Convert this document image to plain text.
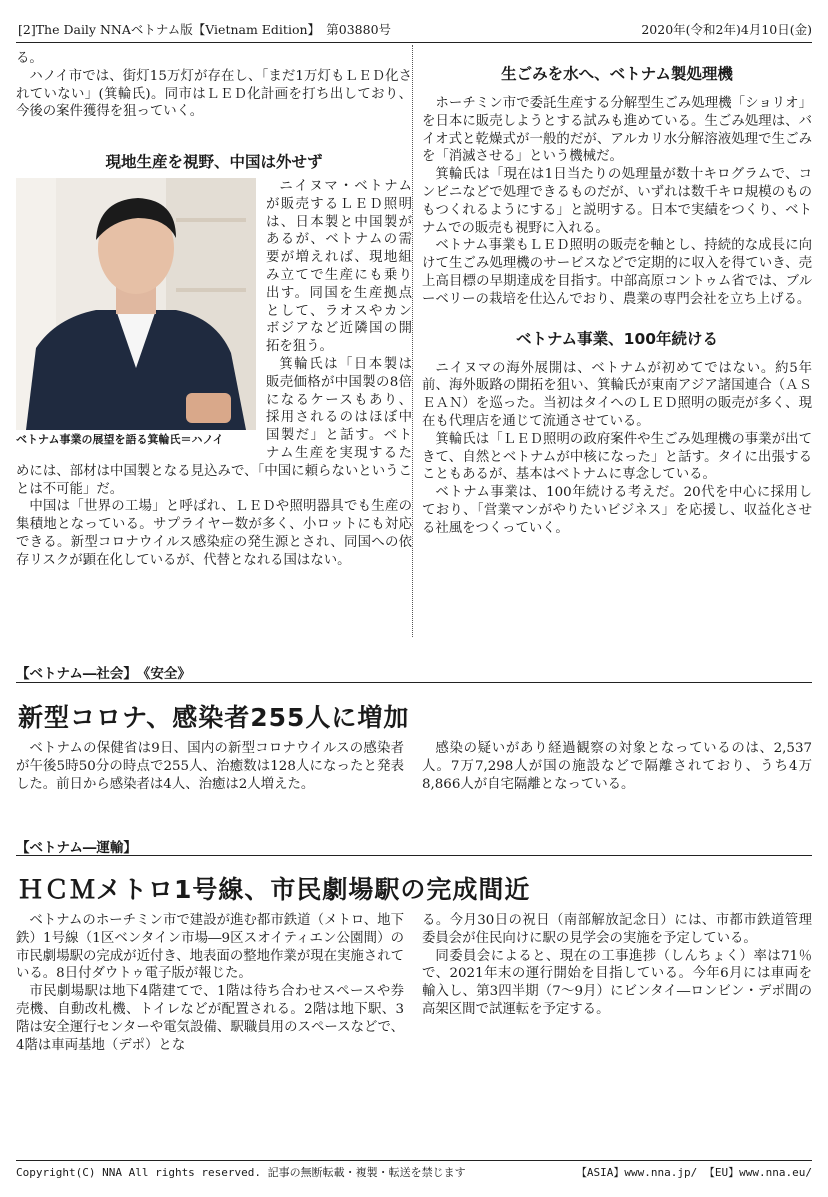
[2]The Daily NNAベトナム版【Vietnam Edition】　第03880号	2020年(令和2年)4月10日(金)

る。

ハノイ市では、街灯15万灯が存在し、「まだ1万灯もＬＥＤ化されていない」(箕輪氏)。同市はＬＥＤ化計画を打ち出しており、今後の案件獲得を狙っていく。

現地生産を視野、中国は外せず
ベトナム事業の展望を語る箕輪氏＝ハノイ

ニイヌマ・ベトナムが販売するＬＥＤ照明は、日本製と中国製があるが、ベトナムの需要が増えれば、現地組み立てで生産にも乗り出す。同国を生産拠点として、ラオスやカンボジアなど近隣国の開拓を狙う。

箕輪氏は「日本製は販売価格が中国製の8倍になるケースもあり、採用されるのはほぼ中国製だ」と話す。ベトナム生産を実現するためには、部材は中国製となる見込みで、「中国に頼らないということは不可能」だ。

中国は「世界の工場」と呼ばれ、ＬＥＤや照明器具でも生産の集積地となっている。サプライヤー数が多く、小ロットにも対応できる。新型コロナウイルス感染症の発生源とされ、同国への依存リスクが顕在化しているが、代替となれる国はない。

生ごみを水へ、ベトナム製処理機

ホーチミン市で委託生産する分解型生ごみ処理機「ショリオ」を日本に販売しようとする試みも進めている。生ごみ処理は、バイオ式と乾燥式が一般的だが、アルカリ水分解溶液処理で生ごみを「消滅させる」という機械だ。

箕輪氏は「現在は1日当たりの処理量が数十キログラムで、コンビニなどで処理できるものだが、いずれは数千キロ規模のものもつくれるようにする」と説明する。日本で実績をつくり、ベトナムでの販売も視野に入れる。

ベトナム事業もＬＥＤ照明の販売を軸とし、持続的な成長に向けて生ごみ処理機のサービスなどで定期的に収入を得ていき、売上高目標の早期達成を目指す。中部高原コントゥム省では、ブルーベリーの栽培を仕込んでおり、農業の専門会社を立ち上げる。

ベトナム事業、100年続ける

ニイヌマの海外展開は、ベトナムが初めてではない。約5年前、海外販路の開拓を狙い、箕輪氏が東南アジア諸国連合（ＡＳＥＡＮ）を巡った。当初はタイへのＬＥＤ照明の販売が多く、現在も代理店を通じて流通させている。

箕輪氏は「ＬＥＤ照明の政府案件や生ごみ処理機の事業が出てきて、自然とベトナムが中核になった」と話す。タイに出張することもあるが、基本はベトナムに専念している。

ベトナム事業は、100年続ける考えだ。20代を中心に採用しており、「営業マンがやりたいビジネス」を応援し、収益化させる社風をつくっていく。

【ベトナム―社会】　《安全》
新型コロナ、感染者255人に増加

ベトナムの保健省は9日、国内の新型コロナウイルスの感染者が午後5時50分の時点で255人、治癒数は128人になったと発表した。前日から感染者は4人、治癒は2人増えた。

感染の疑いがあり経過観察の対象となっているのは、2,537人。7万7,298人が国の施設などで隔離されており、うち4万8,866人が自宅隔離となっている。

【ベトナム―運輸】
ＨＣＭメトロ1号線、市民劇場駅の完成間近

ベトナムのホーチミン市で建設が進む都市鉄道（メトロ、地下鉄）1号線（1区ベンタイン市場―9区スオイティエン公園間）の市民劇場駅の完成が近付き、地表面の整地作業が現在実施されている。8日付ダウトゥ電子版が報じた。

市民劇場駅は地下4階建てで、1階は待ち合わせスペースや券売機、自動改札機、トイレなどが配置される。2階は地下駅、3階は安全運行センターや電気設備、駅職員用のスペースなどで、4階は車両基地（デポ）とな

る。今月30日の祝日（南部解放記念日）には、市都市鉄道管理委員会が住民向けに駅の見学会の実施を予定している。

同委員会によると、現在の工事進捗（しんちょく）率は71％で、2021年末の運行開始を目指している。今年6月には車両を輸入し、第3四半期（7～9月）にビンタイ―ロンビン・デポ間の高架区間で試運転を予定する。

Copyright(C) NNA All rights reserved. 記事の無断転載・複製・転送を禁じます	【ASIA】www.nna.jp/ 【EU】www.nna.eu/
